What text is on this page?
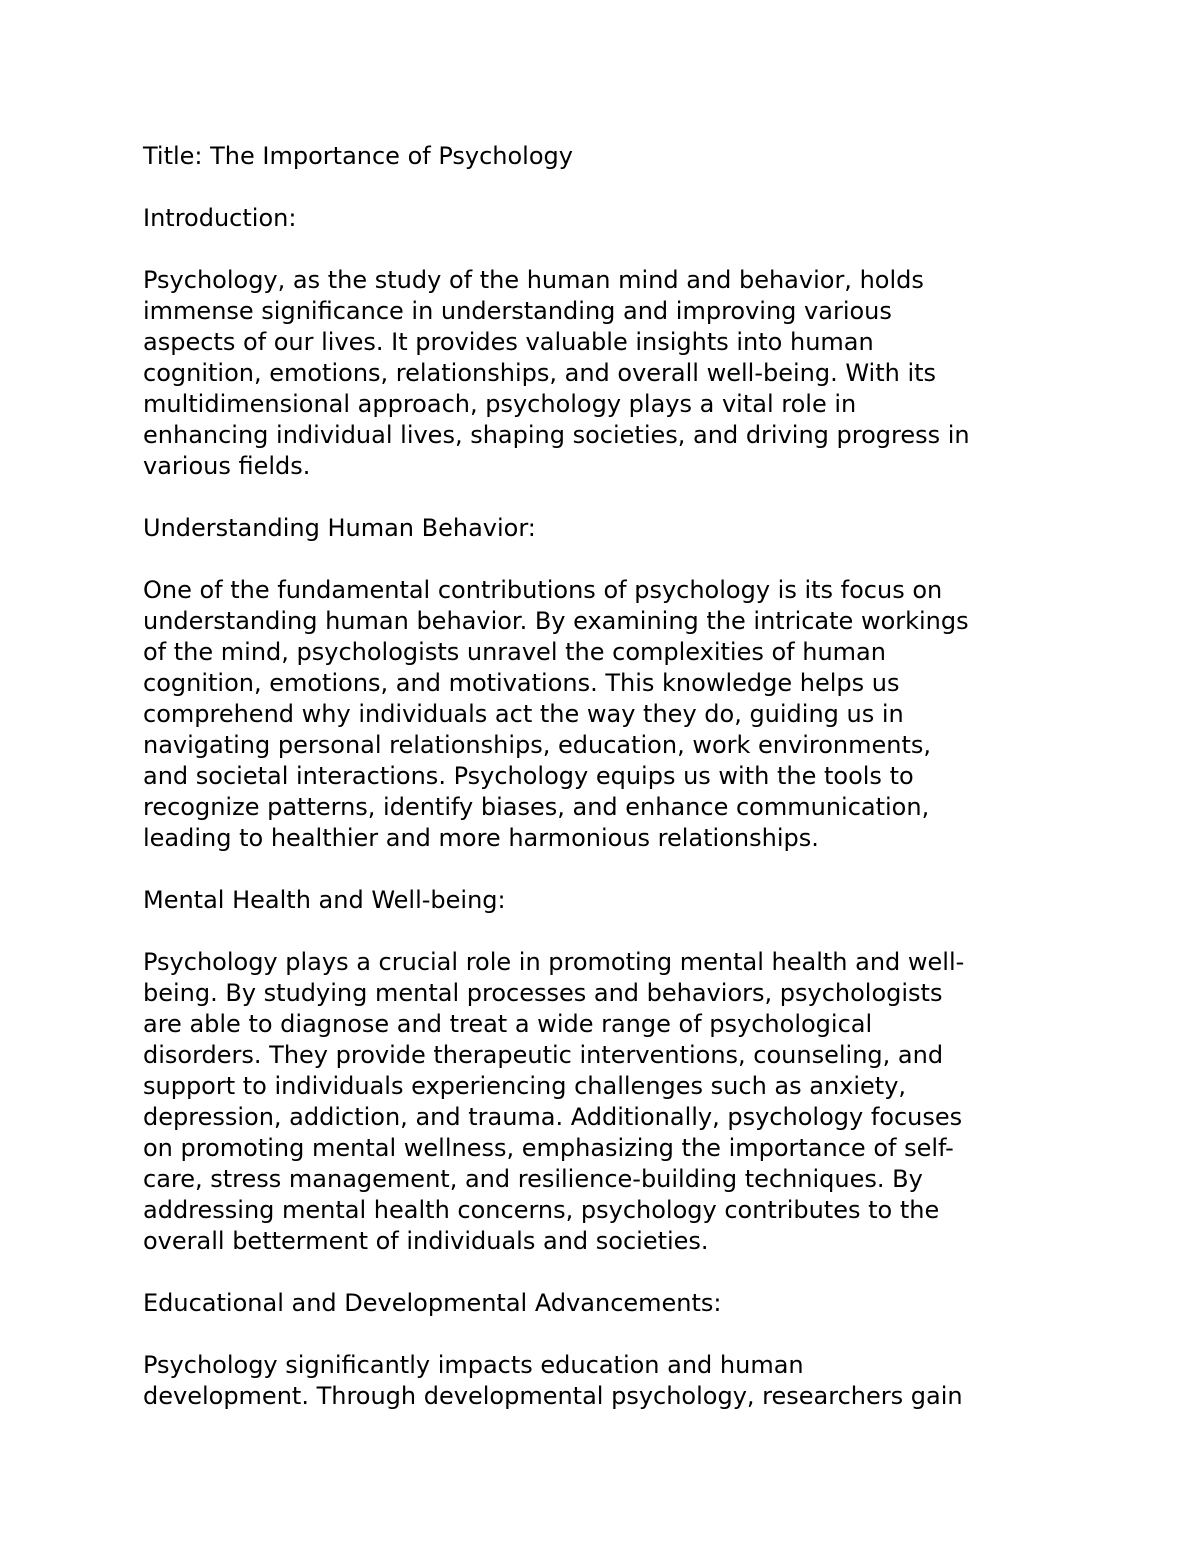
Title: The Importance of Psychology
Introduction:
Psychology, as the study of the human mind and behavior, holds
immense significance in understanding and improving various
aspects of our lives. It provides valuable insights into human
cognition, emotions, relationships, and overall well-being. With its
multidimensional approach, psychology plays a vital role in
enhancing individual lives, shaping societies, and driving progress in
various fields.
Understanding Human Behavior:
One of the fundamental contributions of psychology is its focus on
understanding human behavior. By examining the intricate workings
of the mind, psychologists unravel the complexities of human
cognition, emotions, and motivations. This knowledge helps us
comprehend why individuals act the way they do, guiding us in
navigating personal relationships, education, work environments,
and societal interactions. Psychology equips us with the tools to
recognize patterns, identify biases, and enhance communication,
leading to healthier and more harmonious relationships.
Mental Health and Well-being:
Psychology plays a crucial role in promoting mental health and well-
being. By studying mental processes and behaviors, psychologists
are able to diagnose and treat a wide range of psychological
disorders. They provide therapeutic interventions, counseling, and
support to individuals experiencing challenges such as anxiety,
depression, addiction, and trauma. Additionally, psychology focuses
on promoting mental wellness, emphasizing the importance of self-
care, stress management, and resilience-building techniques. By
addressing mental health concerns, psychology contributes to the
overall betterment of individuals and societies.
Educational and Developmental Advancements:
Psychology significantly impacts education and human
development. Through developmental psychology, researchers gain
